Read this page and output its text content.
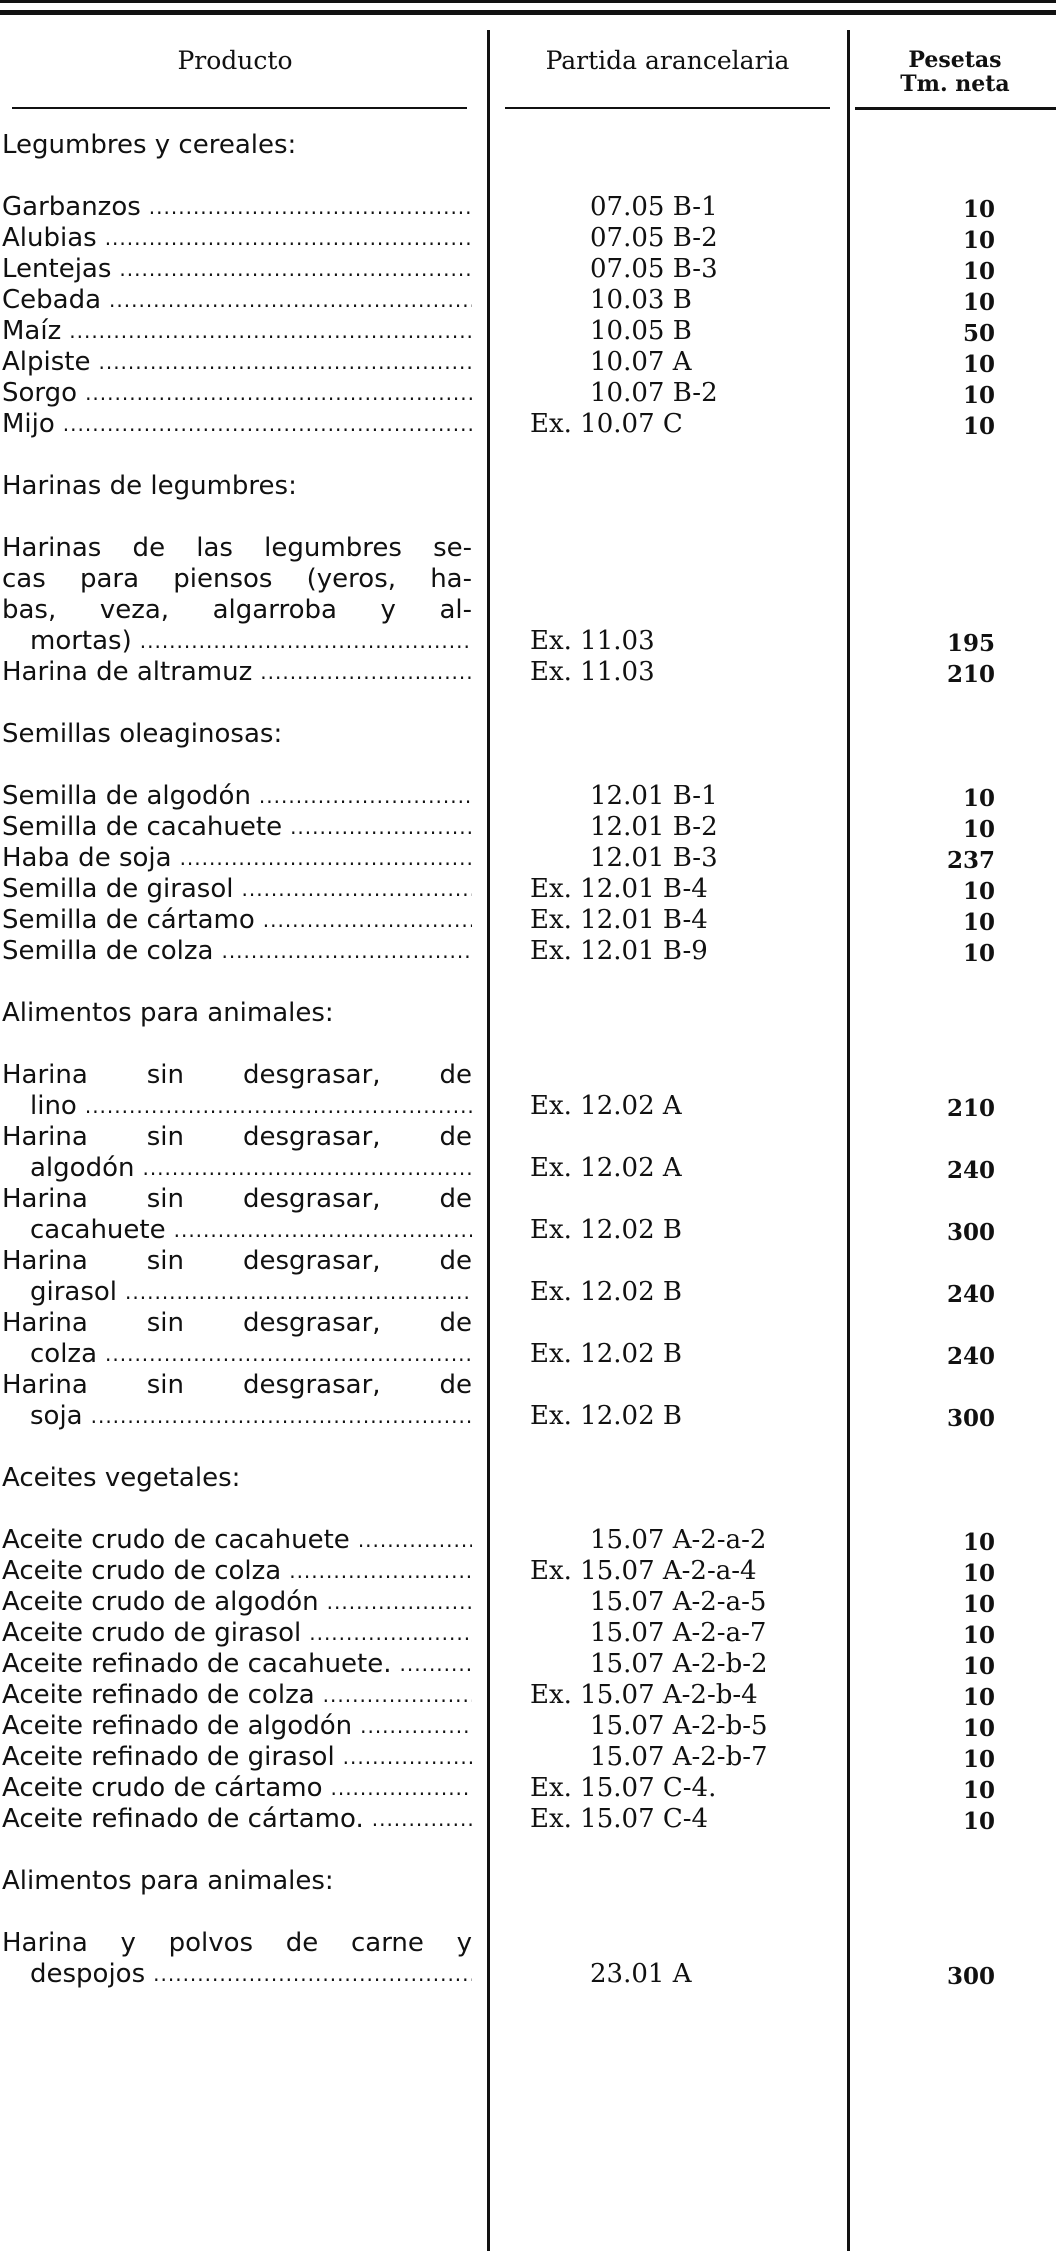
Producto	Partida arancelaria	Pesetas
Tm. neta
Legumbres y cereales:
Garbanzos .....	07.05 B-1	10
Alubias .....	07.05 B-2	10
Lentejas .....	07.05 B-3	10
Cebada .....	10.03 B	10
Maíz .....	10.05 B	50
Alpiste .....	10.07 A	10
Sorgo .....	10.07 B-2	10
Mijo .....	Ex. 10.07 C	10
Harinas de legumbres:
Harinas de las legumbres se-
cas para piensos (yeros, ha-
bas, veza, algarroba y al-
mortas) .....	Ex. 11.03	195
Harina de altramuz .....	Ex. 11.03	210
Semillas oleaginosas:
Semilla de algodón .....	12.01 B-1	10
Semilla de cacahuete .....	12.01 B-2	10
Haba de soja .....	12.01 B-3	237
Semilla de girasol .....	Ex. 12.01 B-4	10
Semilla de cártamo .....	Ex. 12.01 B-4	10
Semilla de colza .....	Ex. 12.01 B-9	10
Alimentos para animales:
Harina sin desgrasar, de
lino .....	Ex. 12.02 A	210
Harina sin desgrasar, de
algodón .....	Ex. 12.02 A	240
Harina sin desgrasar, de
cacahuete .....	Ex. 12.02 B	300
Harina sin desgrasar, de
girasol .....	Ex. 12.02 B	240
Harina sin desgrasar, de
colza .....	Ex. 12.02 B	240
Harina sin desgrasar, de
soja .....	Ex. 12.02 B	300
Aceites vegetales:
Aceite crudo de cacahuete .....	15.07 A-2-a-2	10
Aceite crudo de colza .....	Ex. 15.07 A-2-a-4	10
Aceite crudo de algodón .....	15.07 A-2-a-5	10
Aceite crudo de girasol .....	15.07 A-2-a-7	10
Aceite refinado de cacahuete. .....	15.07 A-2-b-2	10
Aceite refinado de colza .....	Ex. 15.07 A-2-b-4	10
Aceite refinado de algodón .....	15.07 A-2-b-5	10
Aceite refinado de girasol .....	15.07 A-2-b-7	10
Aceite crudo de cártamo .....	Ex. 15.07 C-4.	10
Aceite refinado de cártamo. .....	Ex. 15.07 C-4	10
Alimentos para animales:
Harina y polvos de carne y
despojos .....	23.01 A	300
